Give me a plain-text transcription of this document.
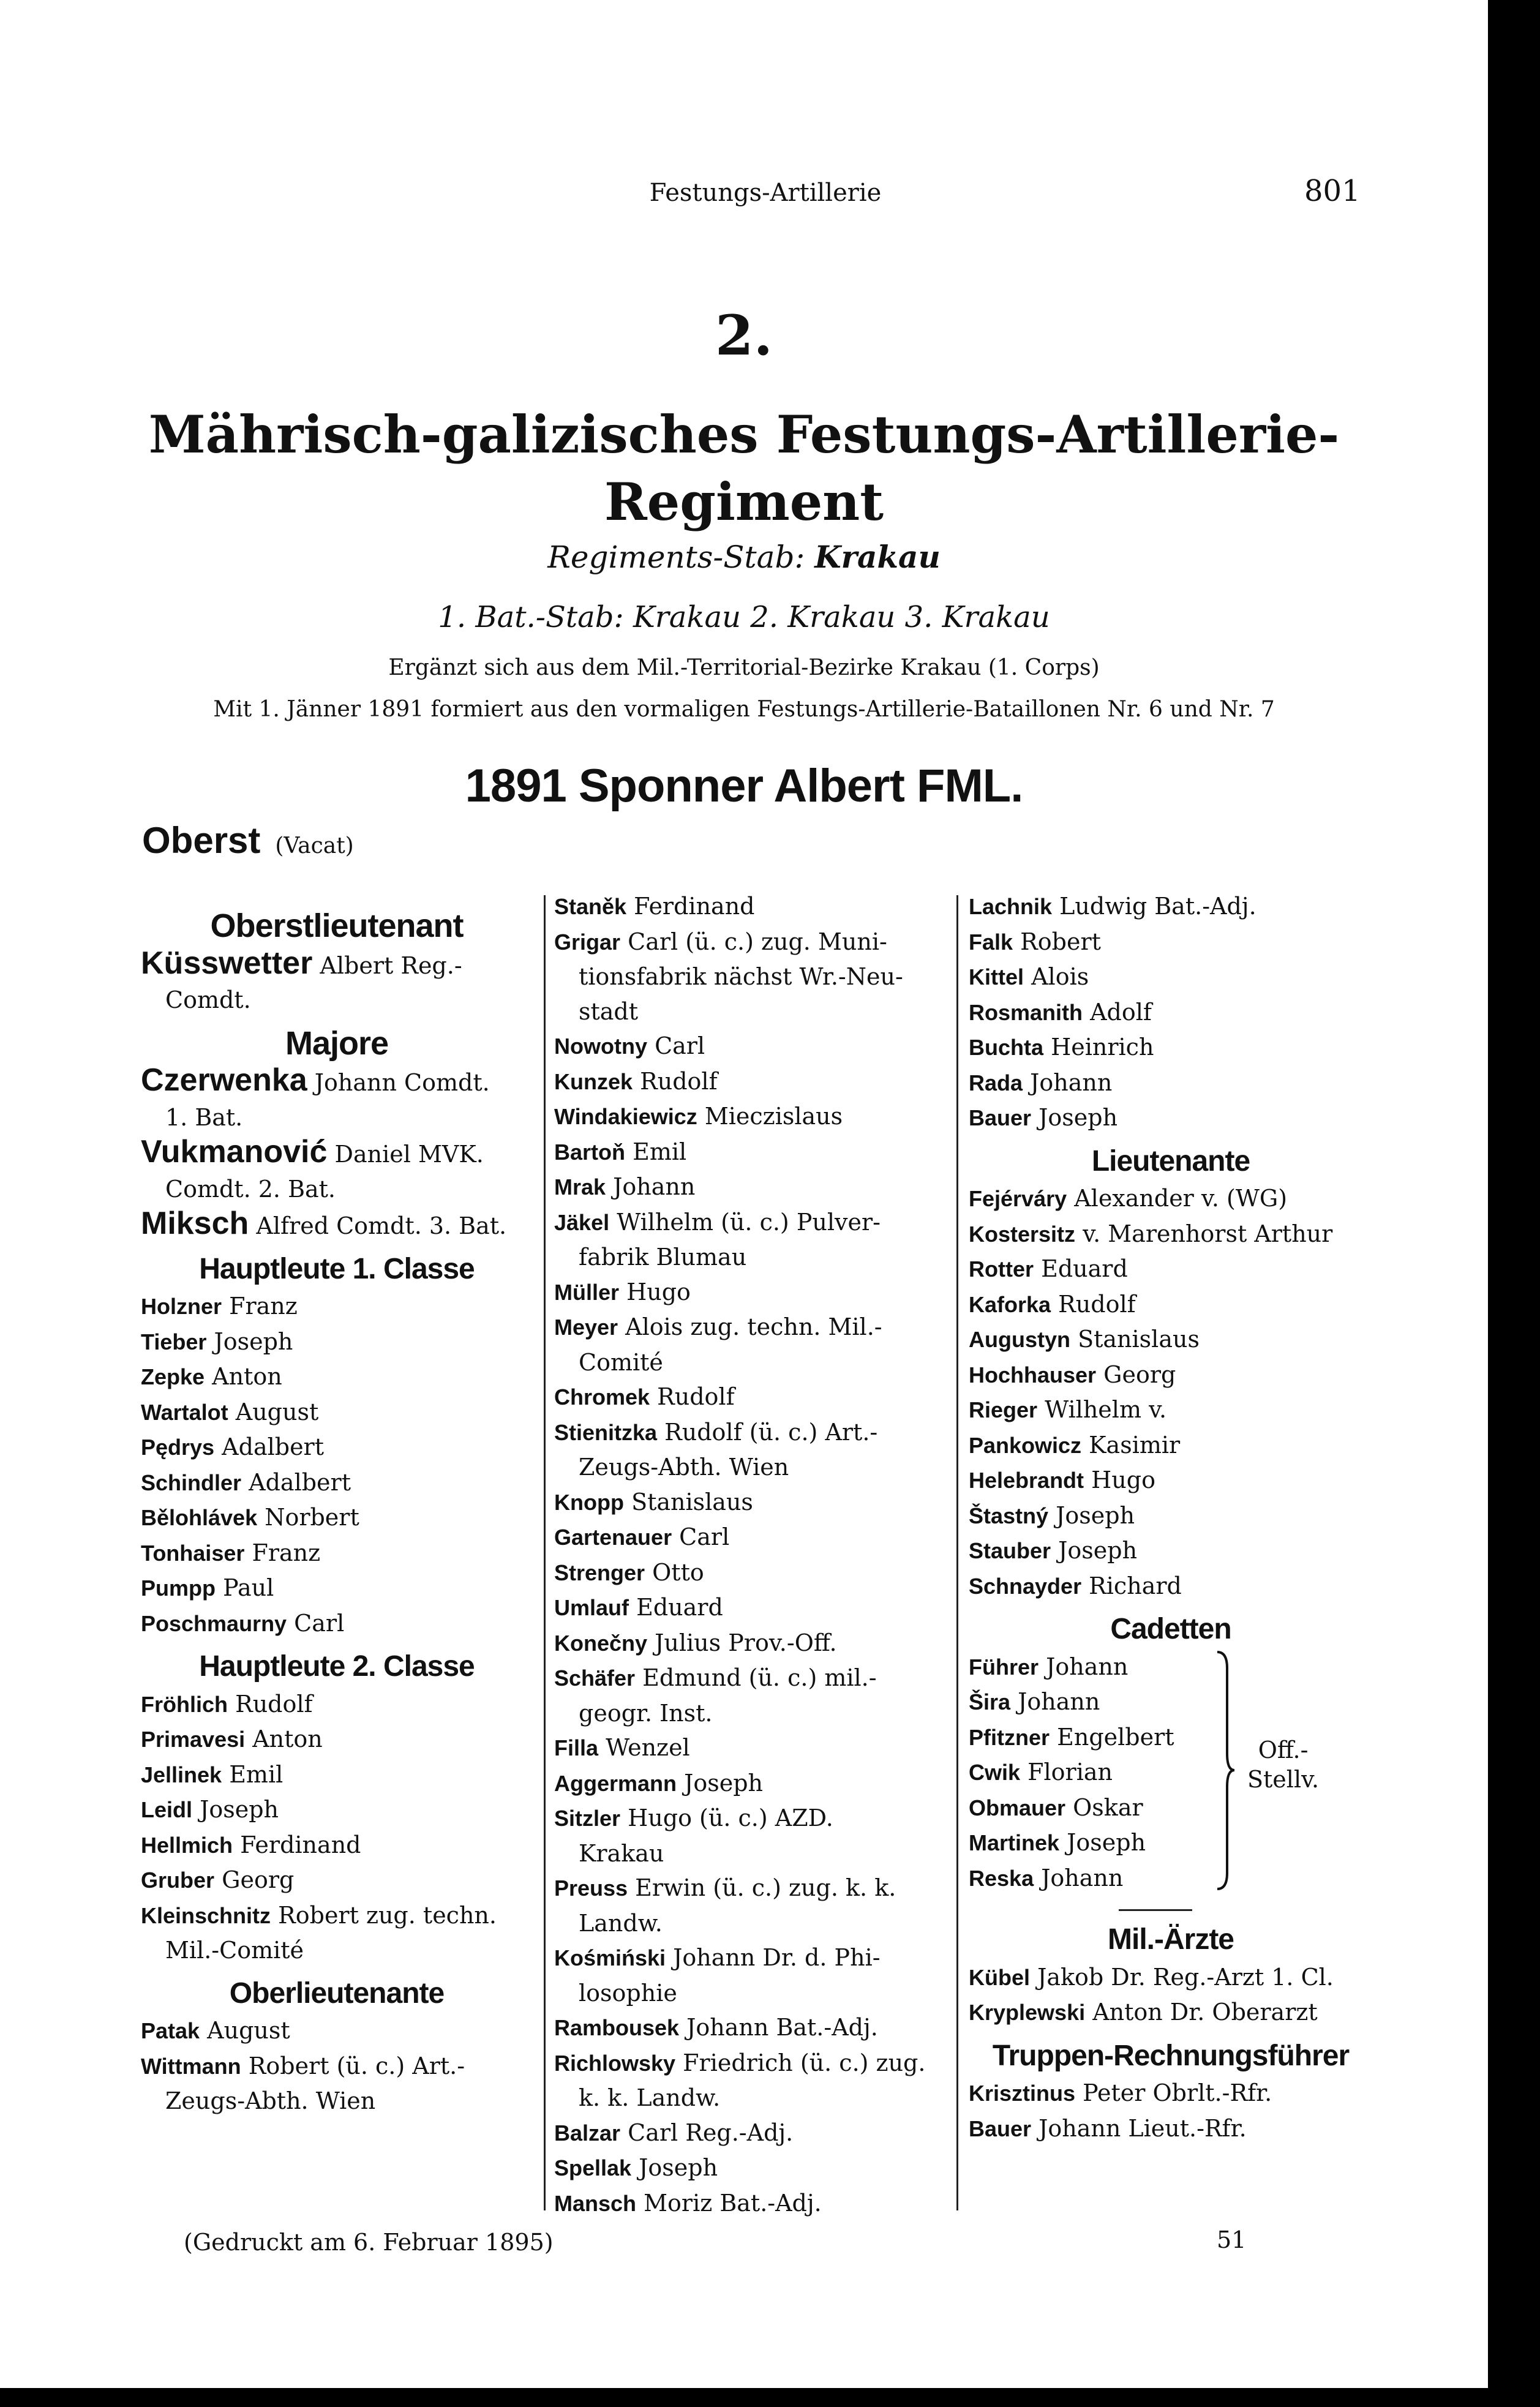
Festungs-Artillerie	801
2.
Mährisch-galizisches Festungs-Artillerie-
Regiment
Regiments-Stab: Krakau
1. Bat.-Stab: Krakau 2. Krakau 3. Krakau
Ergänzt sich aus dem Mil.-Territorial-Bezirke Krakau (1. Corps)
Mit 1. Jänner 1891 formiert aus den vormaligen Festungs-Artillerie-Bataillonen Nr. 6 und Nr. 7
1891 Sponner Albert FML.
Oberst (Vacat)
Oberstlieutenant
Küsswetter Albert Reg.-
Comdt.
Majore
Czerwenka Johann Comdt.
1. Bat.
Vukmanović Daniel MVK.
Comdt. 2. Bat.
Miksch Alfred Comdt. 3. Bat.
Hauptleute 1. Classe
Holzner Franz
Tieber Joseph
Zepke Anton
Wartalot August
Pędrys Adalbert
Schindler Adalbert
Bělohlávek Norbert
Tonhaiser Franz
Pumpp Paul
Poschmaurny Carl
Hauptleute 2. Classe
Fröhlich Rudolf
Primavesi Anton
Jellinek Emil
Leidl Joseph
Hellmich Ferdinand
Gruber Georg
Kleinschnitz Robert zug. techn.
Mil.-Comité
Oberlieutenante
Patak August
Wittmann Robert (ü. c.) Art.-
Zeugs-Abth. Wien
Staněk Ferdinand
Grigar Carl (ü. c.) zug. Muni-
tionsfabrik nächst Wr.-Neu- stadt
Nowotny Carl
Kunzek Rudolf
Windakiewicz Mieczislaus
Bartoň Emil
Mrak Johann
Jäkel Wilhelm (ü. c.) Pulver-
fabrik Blumau
Müller Hugo
Meyer Alois zug. techn. Mil.-
Comité
Chromek Rudolf
Stienitzka Rudolf (ü. c.) Art.-
Zeugs-Abth. Wien
Knopp Stanislaus
Gartenauer Carl
Strenger Otto
Umlauf Eduard
Konečny Julius Prov.-Off.
Schäfer Edmund (ü. c.) mil.-
geogr. Inst.
Filla Wenzel
Aggermann Joseph
Sitzler Hugo (ü. c.) AZD.
Krakau
Preuss Erwin (ü. c.) zug. k. k.
Landw.
Kośmiński Johann Dr. d. Phi-
losophie
Rambousek Johann Bat.-Adj.
Richlowsky Friedrich (ü. c.) zug.
k. k. Landw.
Balzar Carl Reg.-Adj.
Spellak Joseph
Mansch Moriz Bat.-Adj.
Lachnik Ludwig Bat.-Adj.
Falk Robert
Kittel Alois
Rosmanith Adolf
Buchta Heinrich
Rada Johann
Bauer Joseph
Lieutenante
Fejérváry Alexander v. (WG)
Kostersitz v. Marenhorst Arthur
Rotter Eduard
Kaforka Rudolf
Augustyn Stanislaus
Hochhauser Georg
Rieger Wilhelm v.
Pankowicz Kasimir
Helebrandt Hugo
Štastný Joseph
Stauber Joseph
Schnayder Richard
Cadetten
Führer Johann
Šira Johann
Pfitzner Engelbert
Cwik Florian
Obmauer Oskar
Martinek Joseph
Reska Johann
Off.-
Stellv.
Mil.-Ärzte
Kübel Jakob Dr. Reg.-Arzt 1. Cl.
Kryplewski Anton Dr. Oberarzt
Truppen-Rechnungsführer
Krisztinus Peter Obrlt.-Rfr.
Bauer Johann Lieut.-Rfr.
(Gedruckt am 6. Februar 1895)	51
